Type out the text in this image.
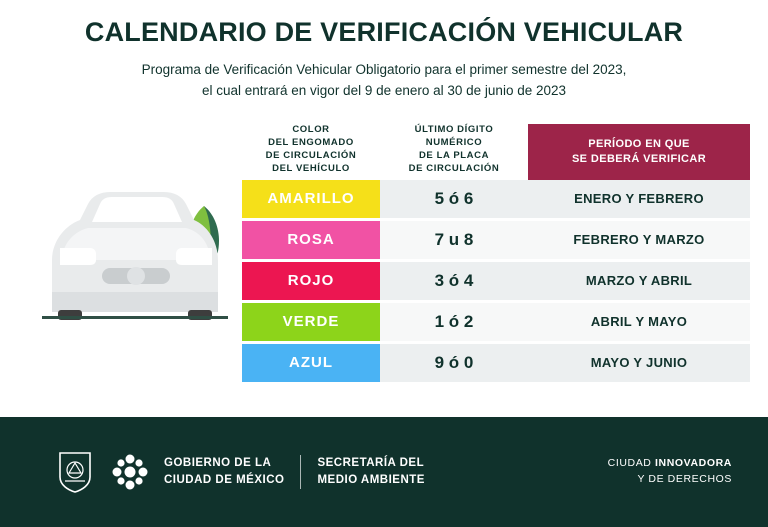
CALENDARIO DE VERIFICACIÓN VEHICULAR

Programa de Verificación Vehicular Obligatorio para el primer semestre del 2023,

el cual entrará en vigor del 9 de enero al 30 de junio de 2023

COLOR
DEL ENGOMADO
DE CIRCULACIÓN
DEL VEHÍCULO
ÚLTIMO DÍGITO
NUMÉRICO
DE LA PLACA
DE CIRCULACIÓN
PERÍODO EN QUE
SE DEBERÁ VERIFICAR
AMARILLO	5 ó 6	ENERO Y FEBRERO
ROSA	7 u 8	FEBRERO Y MARZO
ROJO	3 ó 4	MARZO Y ABRIL
VERDE	1 ó 2	ABRIL Y MAYO
AZUL	9 ó 0	MAYO Y JUNIO
GOBIERNO DE LA
CIUDAD DE MÉXICO
SECRETARÍA DEL
MEDIO AMBIENTE
CIUDAD INNOVADORA
Y DE DERECHOS
